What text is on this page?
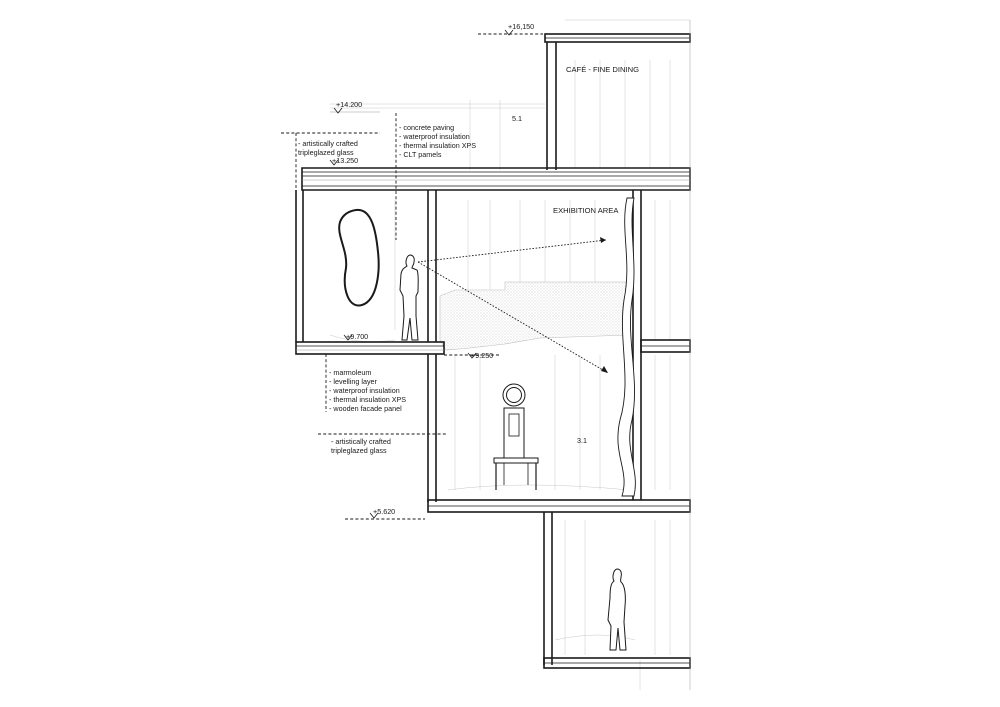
+16,150
+14.200
+13.250
+9.700
+9.250
+5.620
CAFÉ - FINE DINING
EXHIBITION AREA
5.1
3.1
- concrete paving
- waterproof insulation
- thermal insulation XPS
- CLT pamels
- artistically crafted
tripleglazed glass
- marmoleum
- levelling layer
- waterproof insulation
- thermal insulation XPS
- wooden facade panel
- artistically crafted
tripleglazed glass
